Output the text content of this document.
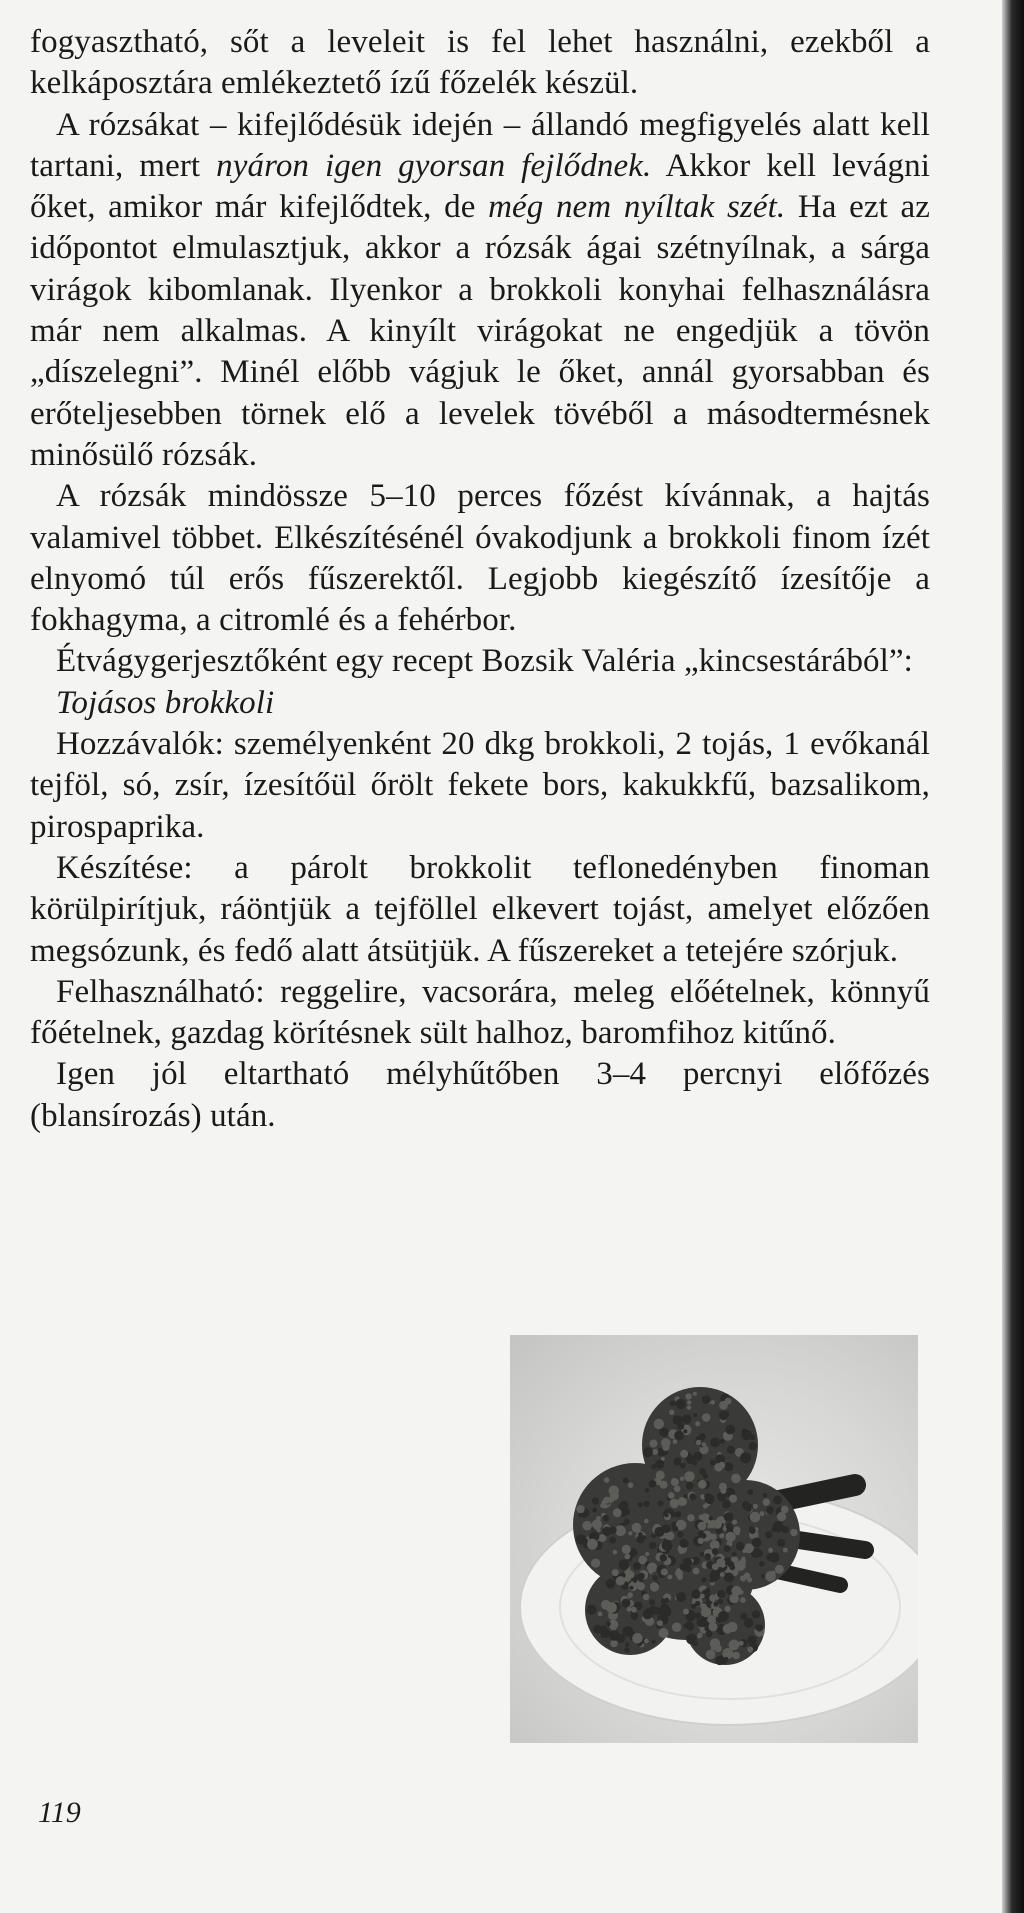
fogyasztható, sőt a leveleit is fel lehet használni, ezekből a kelkáposztára emlékeztető ízű főzelék készül.

A rózsákat – kifejlődésük idején – állandó megfigyelés alatt kell tartani, mert nyáron igen gyorsan fejlődnek. Akkor kell levágni őket, amikor már kifejlődtek, de még nem nyíltak szét. Ha ezt az időpontot elmulasztjuk, akkor a rózsák ágai szétnyílnak, a sárga virágok kibomlanak. Ilyenkor a brokkoli konyhai felhasználásra már nem alkalmas. A kinyílt virágokat ne engedjük a tövön „díszelegni”. Minél előbb vágjuk le őket, annál gyorsabban és erőteljesebben törnek elő a levelek tövéből a másodtermésnek minősülő rózsák.

A rózsák mindössze 5–10 perces főzést kívánnak, a hajtás valamivel többet. Elkészítésénél óvakodjunk a brokkoli finom ízét elnyomó túl erős fűszerektől. Legjobb kiegészítő ízesítője a fokhagyma, a citromlé és a fehérbor.

Étvágygerjesztőként egy recept Bozsik Valéria „kincsestárából”:

Tojásos brokkoli

Hozzávalók: személyenként 20 dkg brokkoli, 2 tojás, 1 evőkanál tejföl, só, zsír, ízesítőül őrölt fekete bors, kakukkfű, bazsalikom, pirospaprika.

Készítése: a párolt brokkolit teflonedényben finoman körülpirítjuk, ráöntjük a tejföllel elkevert tojást, amelyet előzően megsózunk, és fedő alatt átsütjük. A fűszereket a tetejére szórjuk.

Felhasználható: reggelire, vacsorára, meleg előételnek, könnyű főételnek, gazdag körítésnek sült halhoz, baromfihoz kitűnő.

Igen jól eltartható mélyhűtőben 3–4 percnyi előfőzés (blansírozás) után.

119
